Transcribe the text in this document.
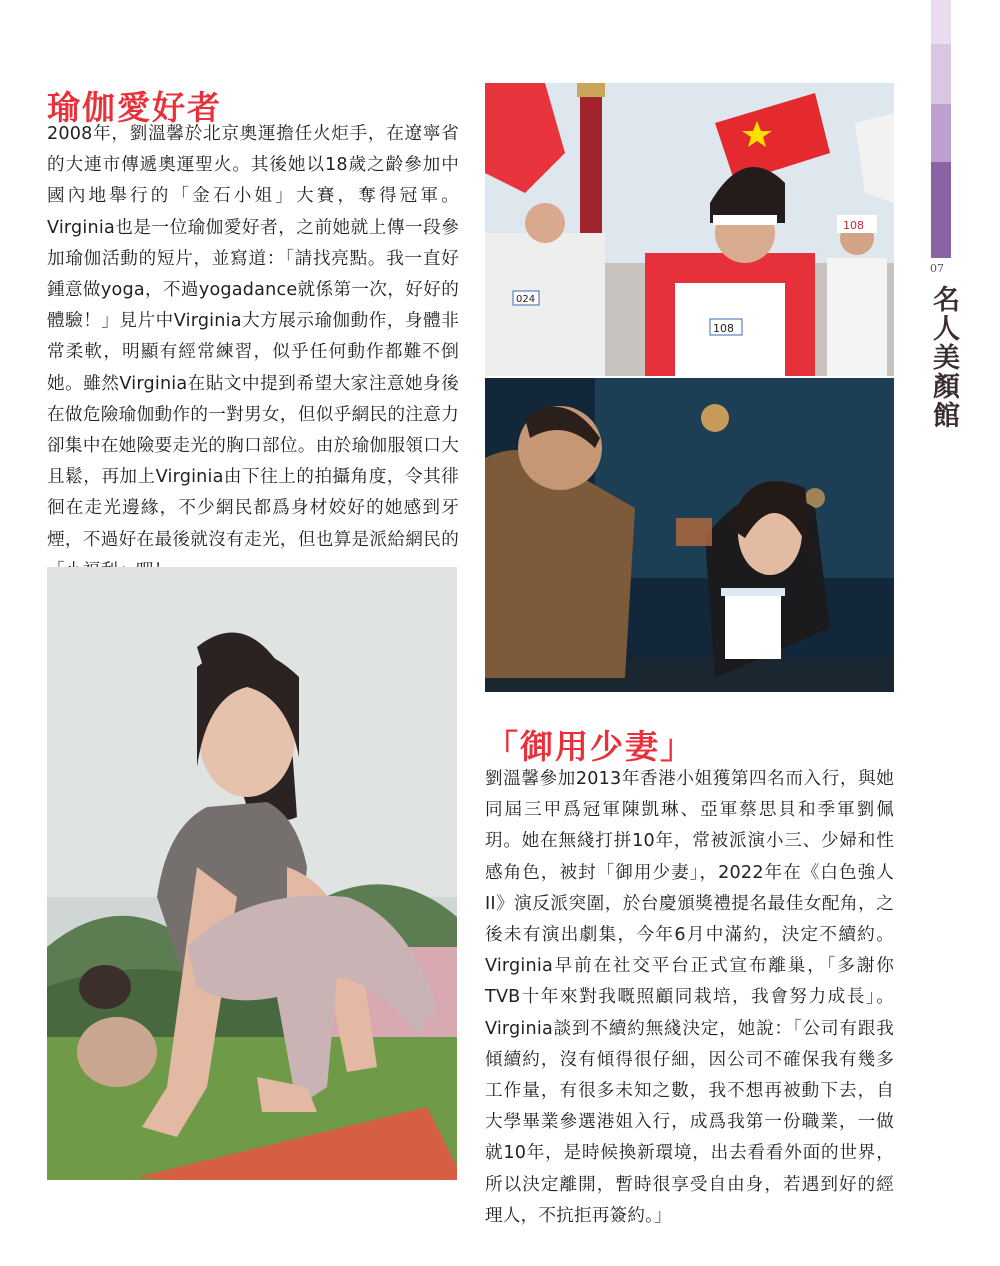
瑜伽愛好者

2008年，劉溫馨於北京奧運擔任火炬手，在遼寧省的大連市傳遞奧運聖火。其後她以18歲之齡參加中國內地舉行的「金石小姐」大賽，奪得冠軍。Virginia也是一位瑜伽愛好者，之前她就上傳一段參加瑜伽活動的短片，並寫道：「請找亮點。我一直好鍾意做yoga，不過yogadance就係第一次，好好的體驗！」見片中Virginia大方展示瑜伽動作，身體非常柔軟，明顯有經常練習，似乎任何動作都難不倒她。雖然Virginia在貼文中提到希望大家注意她身後在做危險瑜伽動作的一對男女，但似乎網民的注意力卻集中在她險要走光的胸口部位。由於瑜伽服領口大且鬆，再加上Virginia由下往上的拍攝角度，令其徘徊在走光邊緣，不少網民都爲身材姣好的她感到牙煙，不過好在最後就沒有走光，但也算是派給網民的

024
108
108
「御用少妻」

劉溫馨參加2013年香港小姐獲第四名而入行，與她同屆三甲爲冠軍陳凱琳、亞軍蔡思貝和季軍劉佩玥。她在無綫打拼10年，常被派演小三、少婦和性感角色，被封「御用少妻」，2022年在《白色強人II》演反派突圍，於台慶頒獎禮提名最佳女配角，之後未有演出劇集，今年6月中滿約，決定不續約。Virginia早前在社交平台正式宣布離巢，「多謝你TVB十年來對我嘅照顧同栽培，我會努力成長」。Virginia談到不續約無綫決定，她說：「公司有跟我傾續約，沒有傾得很仔細，因公司不確保我有幾多工作量，有很多未知之數，我不想再被動下去，自大學畢業參選港姐入行，成爲我第一份職業，一做就10年，是時候換新環境，出去看看外面的世界，所以決定離開，暫時很享受自由身，若遇到好的經理人，不抗拒再簽約。」

07
名人美顏館
